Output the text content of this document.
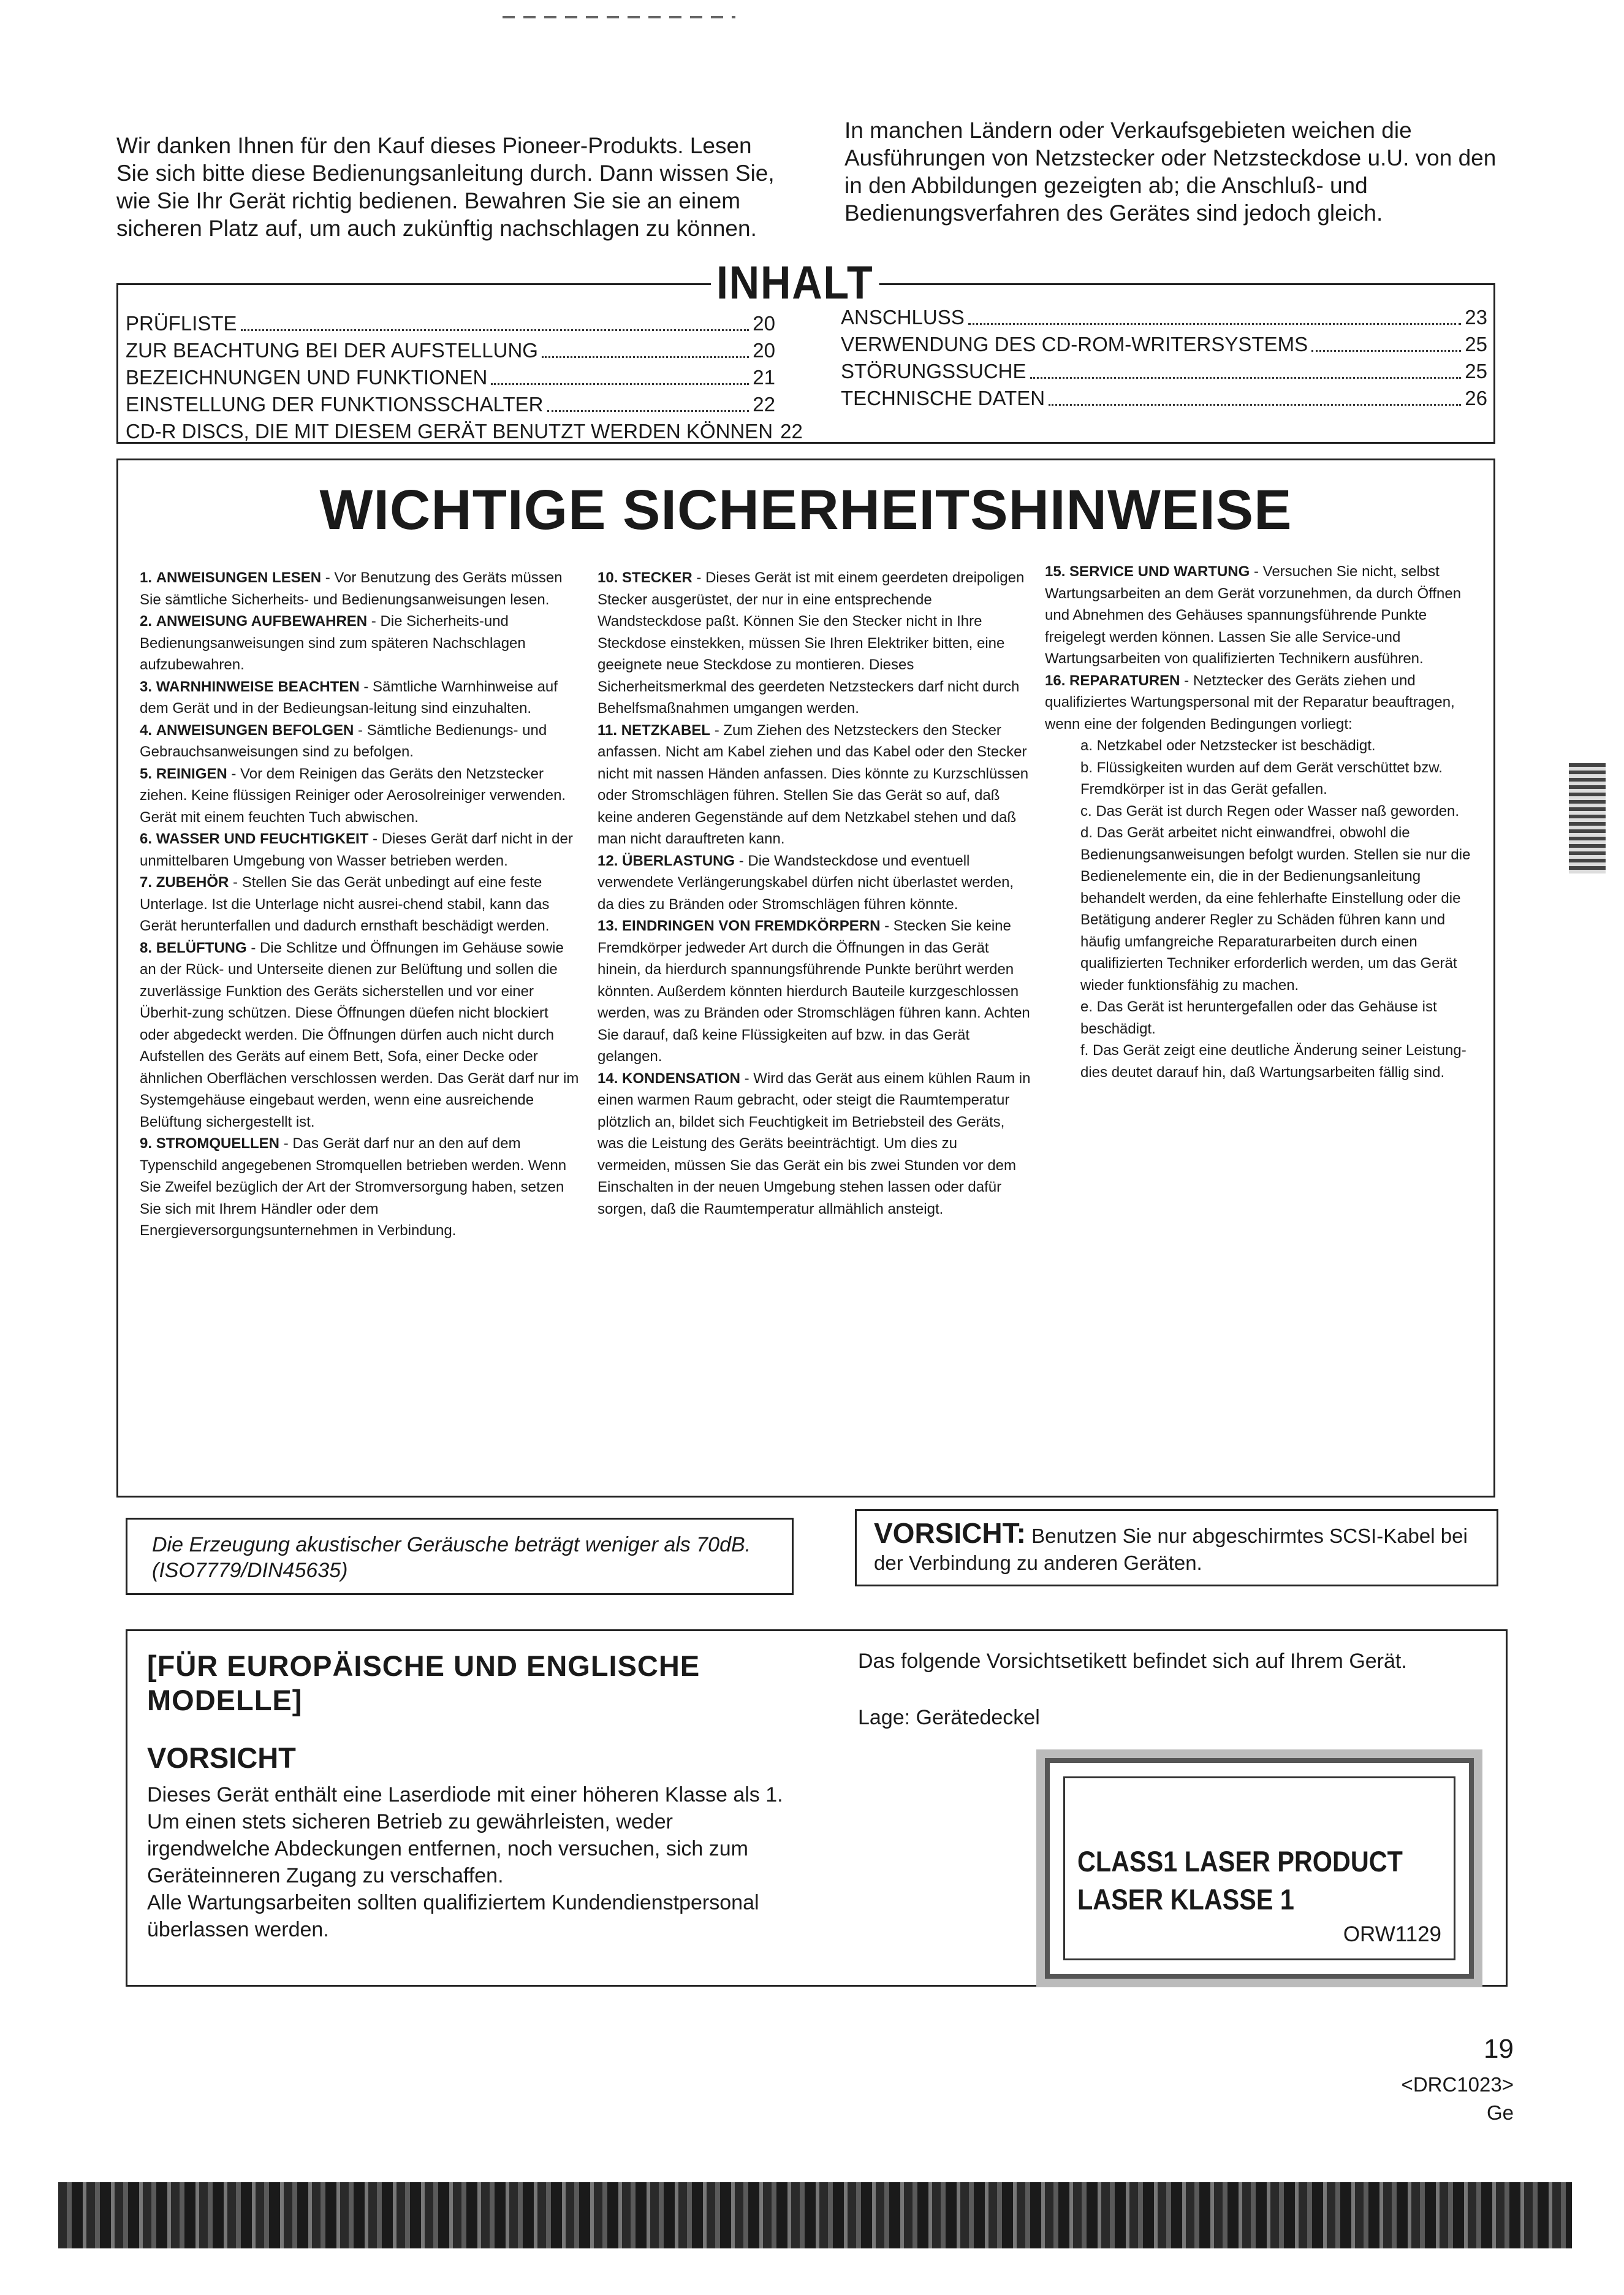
Wir danken Ihnen für den Kauf dieses Pioneer-Produkts. Lesen Sie sich bitte diese Bedienungsanleitung durch. Dann wissen Sie, wie Sie Ihr Gerät richtig bedienen. Bewahren Sie sie an einem sicheren Platz auf, um auch zukünftig nachschlagen zu können.
In manchen Ländern oder Verkaufsgebieten weichen die Ausführungen von Netzstecker oder Netzsteckdose u.U. von den in den Abbildungen gezeigten ab; die Anschluß- und Bedienungsverfahren des Gerätes sind jedoch gleich.
INHALT
PRÜFLISTE	20
ZUR BEACHTUNG BEI DER AUFSTELLUNG	20
BEZEICHNUNGEN UND FUNKTIONEN	21
EINSTELLUNG DER FUNKTIONSSCHALTER	22
CD-R DISCS, DIE MIT DIESEM GERÄT BENUTZT WERDEN KÖNNEN 22
ANSCHLUSS	23
VERWENDUNG DES CD-ROM-WRITERSYSTEMS	25
STÖRUNGSSUCHE	25
TECHNISCHE DATEN	26
WICHTIGE SICHERHEITSHINWEISE
1. ANWEISUNGEN LESEN - Vor Benutzung des Geräts müssen Sie sämtliche Sicherheits- und Bedienungsanweisungen lesen.
2. ANWEISUNG AUFBEWAHREN - Die Sicherheits-und Bedienungsanweisungen sind zum späteren Nachschlagen aufzubewahren.
3. WARNHINWEISE BEACHTEN - Sämtliche Warnhinweise auf dem Gerät und in der Bedieungsan-leitung sind einzuhalten.
4. ANWEISUNGEN BEFOLGEN - Sämtliche Bedienungs- und Gebrauchsanweisungen sind zu befolgen.
5. REINIGEN - Vor dem Reinigen das Geräts den Netzstecker ziehen. Keine flüssigen Reiniger oder Aerosolreiniger verwenden. Gerät mit einem feuchten Tuch abwischen.
6. WASSER UND FEUCHTIGKEIT - Dieses Gerät darf nicht in der unmittelbaren Umgebung von Wasser betrieben werden.
7. ZUBEHÖR - Stellen Sie das Gerät unbedingt auf eine feste Unterlage. Ist die Unterlage nicht ausrei-chend stabil, kann das Gerät herunterfallen und dadurch ernsthaft beschädigt werden.
8. BELÜFTUNG - Die Schlitze und Öffnungen im Gehäuse sowie an der Rück- und Unterseite dienen zur Belüftung und sollen die zuverlässige Funktion des Geräts sicherstellen und vor einer Überhit-zung schützen. Diese Öffnungen düefen nicht blockiert oder abgedeckt werden. Die Öffnungen dürfen auch nicht durch Aufstellen des Geräts auf einem Bett, Sofa, einer Decke oder ähnlichen Oberflächen verschlossen werden. Das Gerät darf nur im Systemgehäuse eingebaut werden, wenn eine ausreichende Belüftung sichergestellt ist.
9. STROMQUELLEN - Das Gerät darf nur an den auf dem Typenschild angegebenen Stromquellen betrieben werden. Wenn Sie Zweifel bezüglich der Art der Stromversorgung haben, setzen Sie sich mit Ihrem Händler oder dem Energieversorgungsunternehmen in Verbindung.
10. STECKER - Dieses Gerät ist mit einem geerdeten dreipoligen Stecker ausgerüstet, der nur in eine entsprechende Wandsteckdose paßt. Können Sie den Stecker nicht in Ihre Steckdose einstekken, müssen Sie Ihren Elektriker bitten, eine geeignete neue Steckdose zu montieren. Dieses Sicherheitsmerkmal des geerdeten Netzsteckers darf nicht durch Behelfsmaßnahmen umgangen werden.
11. NETZKABEL - Zum Ziehen des Netzsteckers den Stecker anfassen. Nicht am Kabel ziehen und das Kabel oder den Stecker nicht mit nassen Händen anfassen. Dies könnte zu Kurzschlüssen oder Stromschlägen führen. Stellen Sie das Gerät so auf, daß keine anderen Gegenstände auf dem Netzkabel stehen und daß man nicht darauftreten kann.
12. ÜBERLASTUNG - Die Wandsteckdose und eventuell verwendete Verlängerungskabel dürfen nicht überlastet werden, da dies zu Bränden oder Stromschlägen führen könnte.
13. EINDRINGEN VON FREMDKÖRPERN - Stecken Sie keine Fremdkörper jedweder Art durch die Öffnungen in das Gerät hinein, da hierdurch spannungsführende Punkte berührt werden könnten. Außerdem könnten hierdurch Bauteile kurzgeschlossen werden, was zu Bränden oder Stromschlägen führen kann. Achten Sie darauf, daß keine Flüssigkeiten auf bzw. in das Gerät gelangen.
14. KONDENSATION - Wird das Gerät aus einem kühlen Raum in einen warmen Raum gebracht, oder steigt die Raumtemperatur plötzlich an, bildet sich Feuchtigkeit im Betriebsteil des Geräts, was die Leistung des Geräts beeinträchtigt. Um dies zu vermeiden, müssen Sie das Gerät ein bis zwei Stunden vor dem Einschalten in der neuen Umgebung stehen lassen oder dafür sorgen, daß die Raumtemperatur allmählich ansteigt.
15. SERVICE UND WARTUNG - Versuchen Sie nicht, selbst Wartungsarbeiten an dem Gerät vorzunehmen, da durch Öffnen und Abnehmen des Gehäuses spannungsführende Punkte freigelegt werden können. Lassen Sie alle Service-und Wartungsarbeiten von qualifizierten Technikern ausführen.
16. REPARATUREN - Netztecker des Geräts ziehen und qualifiziertes Wartungspersonal mit der Reparatur beauftragen, wenn eine der folgenden Bedingungen vorliegt:
a. Netzkabel oder Netzstecker ist beschädigt.
b. Flüssigkeiten wurden auf dem Gerät verschüttet bzw. Fremdkörper ist in das Gerät gefallen.
c. Das Gerät ist durch Regen oder Wasser naß geworden.
d. Das Gerät arbeitet nicht einwandfrei, obwohl die Bedienungsanweisungen befolgt wurden. Stellen sie nur die Bedienelemente ein, die in der Bedienungsanleitung behandelt werden, da eine fehlerhafte Einstellung oder die Betätigung anderer Regler zu Schäden führen kann und häufig umfangreiche Reparaturarbeiten durch einen qualifizierten Techniker erforderlich werden, um das Gerät wieder funktionsfähig zu machen.
e. Das Gerät ist heruntergefallen oder das Gehäuse ist beschädigt.
f. Das Gerät zeigt eine deutliche Änderung seiner Leistung-dies deutet darauf hin, daß Wartungsarbeiten fällig sind.
Die Erzeugung akustischer Geräusche beträgt weniger als 70dB. (ISO7779/DIN45635)
VORSICHT: Benutzen Sie nur abgeschirmtes SCSI-Kabel bei der Verbindung zu anderen Geräten.
[FÜR EUROPÄISCHE UND ENGLISCHE MODELLE]
VORSICHT
Dieses Gerät enthält eine Laserdiode mit einer höheren Klasse als 1. Um einen stets sicheren Betrieb zu gewährleisten, weder irgendwelche Abdeckungen entfernen, noch versuchen, sich zum Geräteinneren Zugang zu verschaffen.
Alle Wartungsarbeiten sollten qualifiziertem Kundendienstpersonal überlassen werden.
Das folgende Vorsichtsetikett befindet sich auf Ihrem Gerät.
Lage: Gerätedeckel
CLASS1 LASER PRODUCT
LASER KLASSE 1
ORW1129
19
<DRC1023>
Ge
